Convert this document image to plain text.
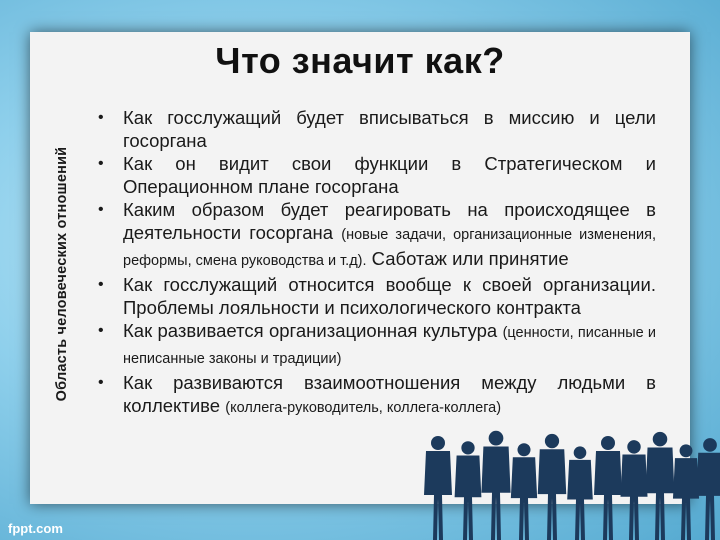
Что значит как?
Область человеческих отношений
• Как госслужащий будет вписываться в миссию и цели госоргана
• Как он видит свои функции в Стратегическом и Операционном плане госоргана
• Каким образом будет реагировать на происходящее в деятельности госоргана (новые задачи, организационные изменения, реформы, смена руководства и т.д). Саботаж или принятие
• Как госслужащий относится вообще к своей организации. Проблемы лояльности и психологического контракта
• Как развивается организационная культура (ценности, писанные и неписанные законы и традиции)
• Как развиваются взаимоотношения между людьми в коллективе (коллега-руководитель, коллега-коллега)
fppt.com
